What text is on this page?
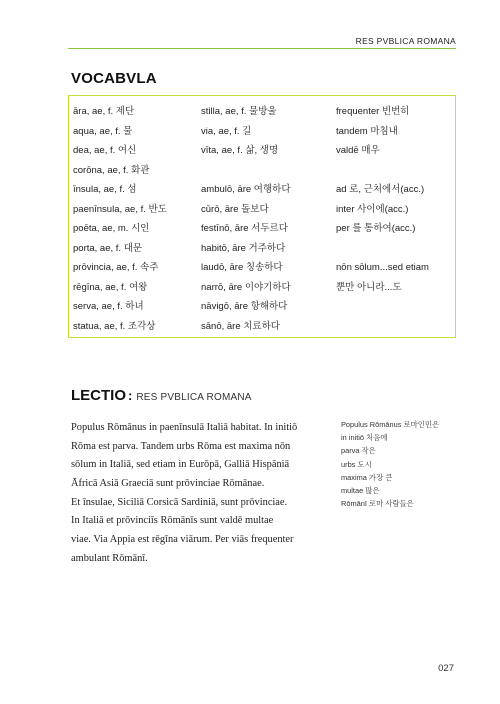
RES PVBLICA ROMANA
VOCABVLA
āra, ae, f. 제단
aqua, ae, f. 물
dea, ae, f. 여신
corōna, ae, f. 화관
īnsula, ae, f. 섬
paenīnsula, ae, f. 반도
poēta, ae, m. 시인
porta, ae, f. 대문
prōvincia, ae, f. 속주
rēgīna, ae, f. 여왕
serva, ae, f. 하녀
statua, ae, f. 조각상
stilla, ae, f. 물방울
via, ae, f. 길
vīta, ae, f. 삶, 생명
ambulō, āre 여행하다
cūrō, āre 돌보다
festīnō, āre 서두르다
habitō, āre 거주하다
laudō, āre 칭송하다
narrō, āre 이야기하다
nāvigō, āre 항해하다
sānō, āre 치료하다
frequenter 빈번히
tandem 마침내
valdē 매우
ad 로, 근처에서(acc.)
inter 사이에(acc.)
per 를 통하여(acc.)
nōn sōlum...sed etiam
뿐만 아니라...도
LECTIO : RES PVBLICA ROMANA
Populus Rōmānus in paenīnsulā Italiā habitat. In initiō
Rōma est parva. Tandem urbs Rōma est maxima nōn
sōlum in Italiā, sed etiam in Eurōpā, Galliā Hispāniā
Āfricā Asiā Graeciā sunt prōvinciae Rōmānae.
Et īnsulae, Siciliā Corsicā Sardiniā, sunt prōvinciae.
In Italiā et prōvinciīs Rōmānīs sunt valdē multae
viae. Via Appia est rēgīna viārum. Per viās frequenter
ambulant Rōmānī.
Populus Rōmānus 로마인민은
in initiō 처음에
parva 작은
urbs 도시
maxima 가장 큰
multae 많은
Rōmānī 로마 사람들은
027
